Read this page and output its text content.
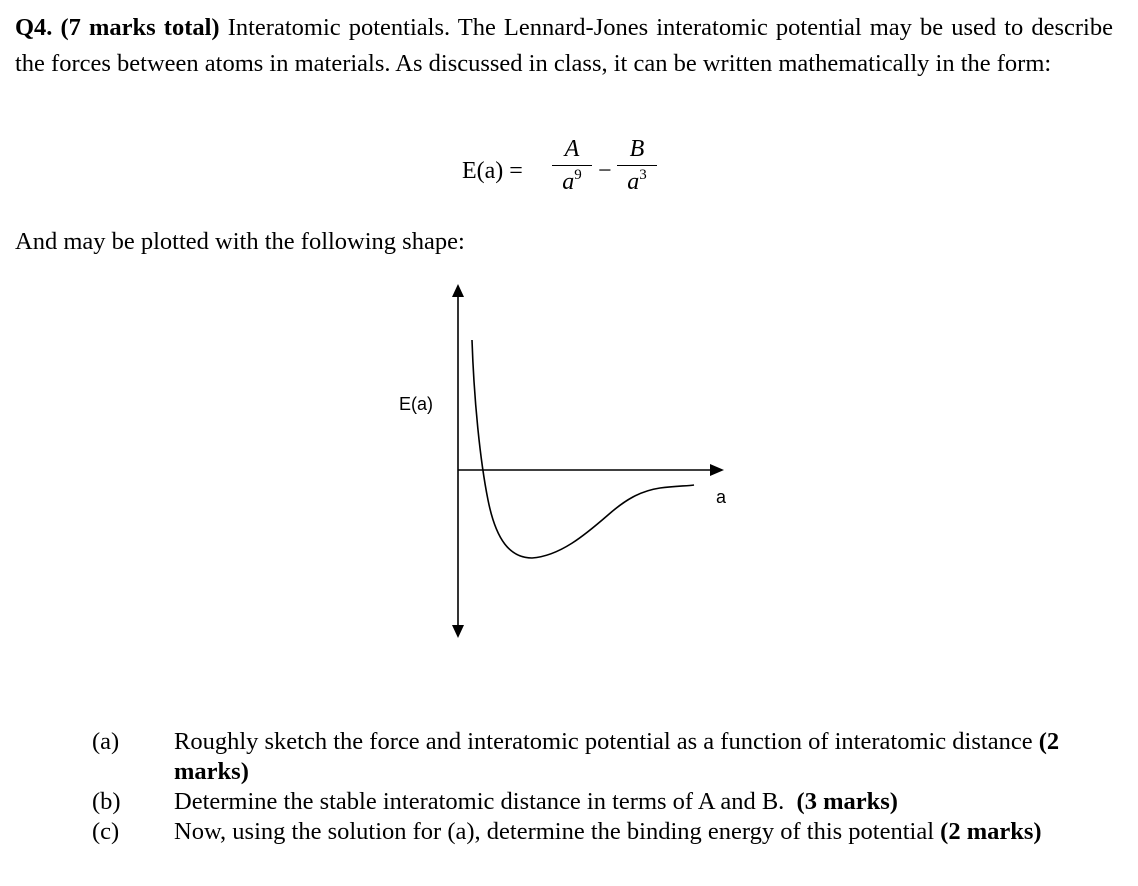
Q4. (7 marks total) Interatomic potentials. The Lennard-Jones interatomic potential may be used to describe the forces between atoms in materials. As discussed in class, it can be written mathematically in the form:

E(a) =
A
$a^9$ −
B
$a^3$
And may be plotted with the following shape:
E(a)
a
(a) Roughly sketch the force and interatomic potential as a function of interatomic distance (2 marks)
(b) Determine the stable interatomic distance in terms of A and B. (3 marks)
(c) Now, using the solution for (a), determine the binding energy of this potential (2 marks)
